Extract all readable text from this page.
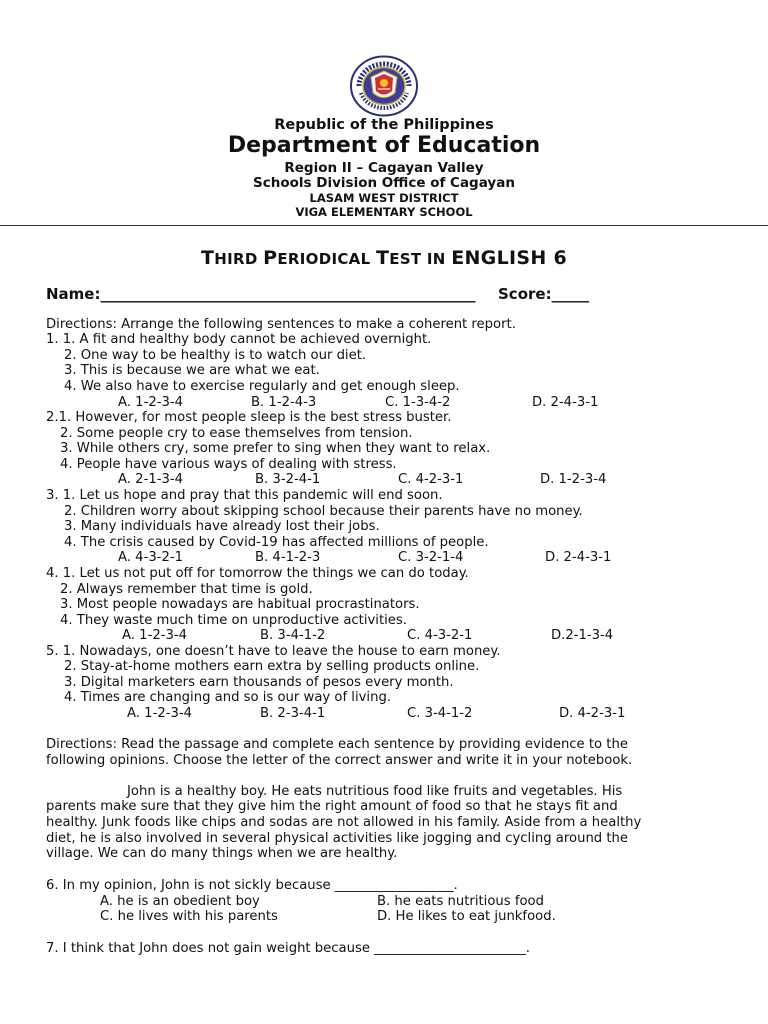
Republic of the Philippines
Department of Education
Region II – Cagayan Valley
Schools Division Office of Cagayan
LASAM WEST DISTRICT
VIGA ELEMENTARY SCHOOL
THIRD PERIODICAL TEST IN ENGLISH 6
Name:__________________________________________________ Score:_____
Directions: Arrange the following sentences to make a coherent report.
1. 1. A fit and healthy body cannot be achieved overnight.
2. One way to be healthy is to watch our diet.
3. This is because we are what we eat.
4. We also have to exercise regularly and get enough sleep.
A. 1-2-3-4	B. 1-2-4-3	C. 1-3-4-2	D. 2-4-3-1
2.1. However, for most people sleep is the best stress buster.
2. Some people cry to ease themselves from tension.
3. While others cry, some prefer to sing when they want to relax.
4. People have various ways of dealing with stress.
A. 2-1-3-4	B. 3-2-4-1	C. 4-2-3-1	D. 1-2-3-4
3. 1. Let us hope and pray that this pandemic will end soon.
2. Children worry about skipping school because their parents have no money.
3. Many individuals have already lost their jobs.
4. The crisis caused by Covid-19 has affected millions of people.
A. 4-3-2-1	B. 4-1-2-3	C. 3-2-1-4	D. 2-4-3-1
4. 1. Let us not put off for tomorrow the things we can do today.
2. Always remember that time is gold.
3. Most people nowadays are habitual procrastinators.
4. They waste much time on unproductive activities.
A. 1-2-3-4	B. 3-4-1-2	C. 4-3-2-1	D.2-1-3-4
5. 1. Nowadays, one doesn’t have to leave the house to earn money.
2. Stay-at-home mothers earn extra by selling products online.
3. Digital marketers earn thousands of pesos every month.
4. Times are changing and so is our way of living.
A. 1-2-3-4	B. 2-3-4-1	C. 3-4-1-2	D. 4-2-3-1
Directions: Read the passage and complete each sentence by providing evidence to the
following opinions. Choose the letter of the correct answer and write it in your notebook.
John is a healthy boy. He eats nutritious food like fruits and vegetables. His
parents make sure that they give him the right amount of food so that he stays fit and
healthy. Junk foods like chips and sodas are not allowed in his family. Aside from a healthy
diet, he is also involved in several physical activities like jogging and cycling around the
village. We can do many things when we are healthy.
6. In my opinion, John is not sickly because __________________.
A. he is an obedient boy	B. he eats nutritious food
C. he lives with his parents	D. He likes to eat junkfood.
7. I think that John does not gain weight because _______________________.
